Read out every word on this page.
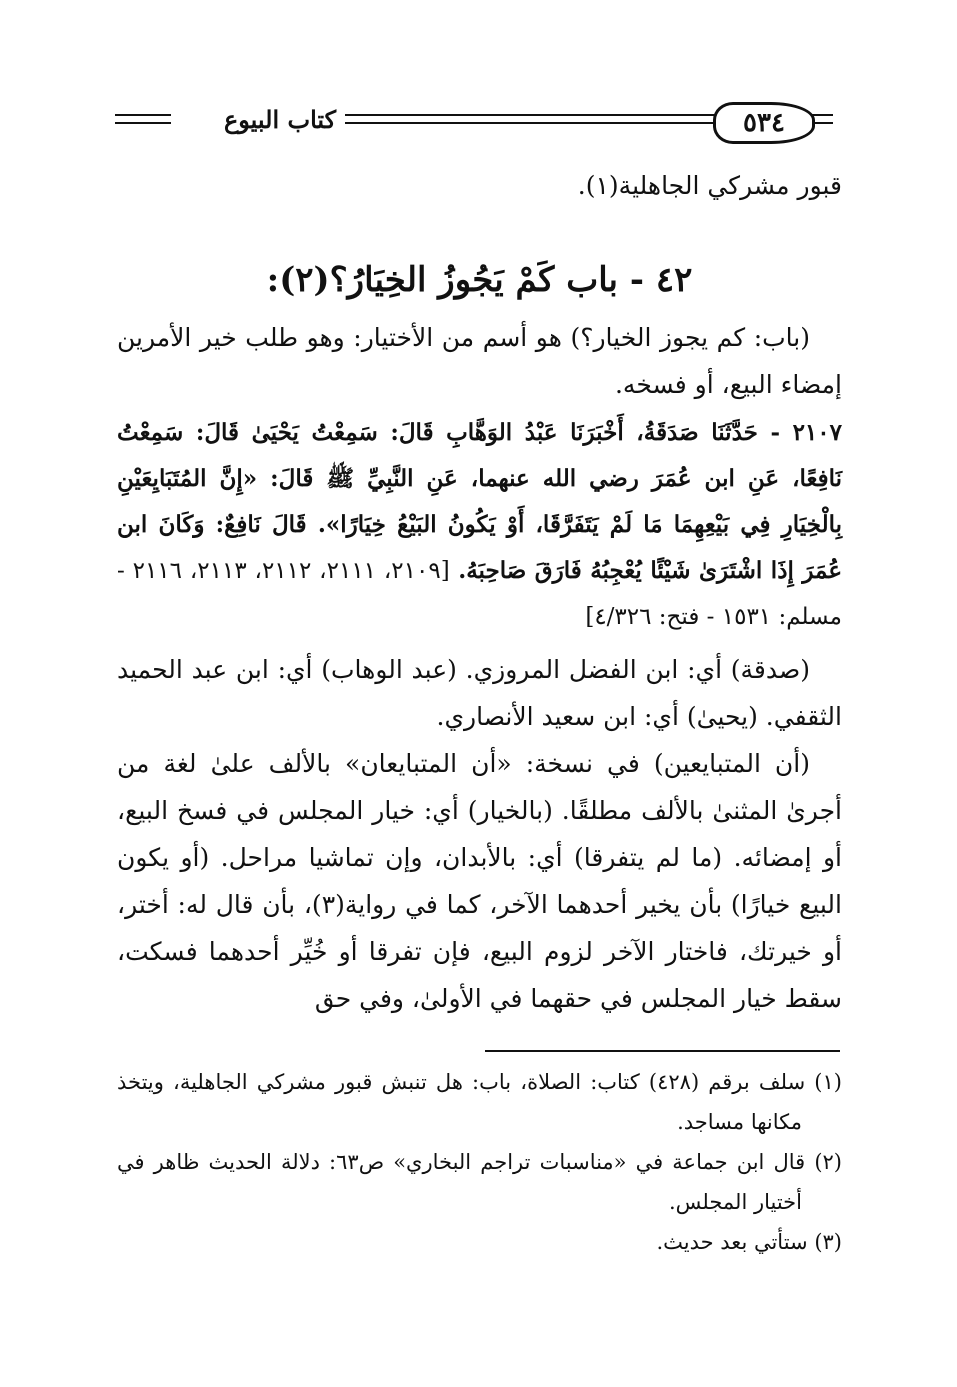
كتاب البيوع	٥٣٤

قبور مشركي الجاهلية(١).

٤٢ - باب كَمْ يَجُوزُ الخِيَارُ؟(٢):

(باب: كم يجوز الخيار؟) هو أسم من الأختيار: وهو طلب خير الأمرين إمضاء البيع، أو فسخه.

٢١٠٧ - حَدَّثَنَا صَدَقَةُ، أَخْبَرَنَا عَبْدُ الوَهَّابِ قَالَ: سَمِعْتُ يَحْيَىٰ قَالَ: سَمِعْتُ نَافِعًا، عَنِ ابن عُمَرَ رضي الله عنهما، عَنِ النَّبِيِّ ﷺ قَالَ: «إِنَّ المُتَبَايِعَيْنِ بِالْخِيَارِ فِي بَيْعِهِمَا مَا لَمْ يَتَفَرَّقَا، أَوْ يَكُونُ البَيْعُ خِيَارًا». قَالَ نَافِعٌ: وَكَانَ ابن عُمَرَ إِذَا اشْتَرَىٰ شَيْئًا يُعْجِبُهُ فَارَقَ صَاحِبَهُ. [٢١٠٩، ٢١١١، ٢١١٢، ٢١١٣، ٢١١٦ - مسلم: ١٥٣١ - فتح: ٤/٣٢٦]

(صدقة) أي: ابن الفضل المروزي. (عبد الوهاب) أي: ابن عبد الحميد الثقفي. (يحيىٰ) أي: ابن سعيد الأنصاري.

(أن المتبايعين) في نسخة: «أن المتبايعان» بالألف علىٰ لغة من أجرىٰ المثنىٰ بالألف مطلقًا. (بالخيار) أي: خيار المجلس في فسخ البيع، أو إمضائه. (ما لم يتفرقا) أي: بالأبدان، وإن تماشيا مراحل. (أو يكون البيع خيارًا) بأن يخير أحدهما الآخر، كما في رواية(٣)، بأن قال له: أختر، أو خيرتك، فاختار الآخر لزوم البيع، فإن تفرقا أو خُيِّر أحدهما فسكت، سقط خيار المجلس في حقهما في الأولىٰ، وفي حق

(١) سلف برقم (٤٢٨) كتاب: الصلاة، باب: هل تنبش قبور مشركي الجاهلية، ويتخذ مكانها مساجد.

(٢) قال ابن جماعة في «مناسبات تراجم البخاري» ص٦٣: دلالة الحديث ظاهر في أختيار المجلس.

(٣) ستأتي بعد حديث.
